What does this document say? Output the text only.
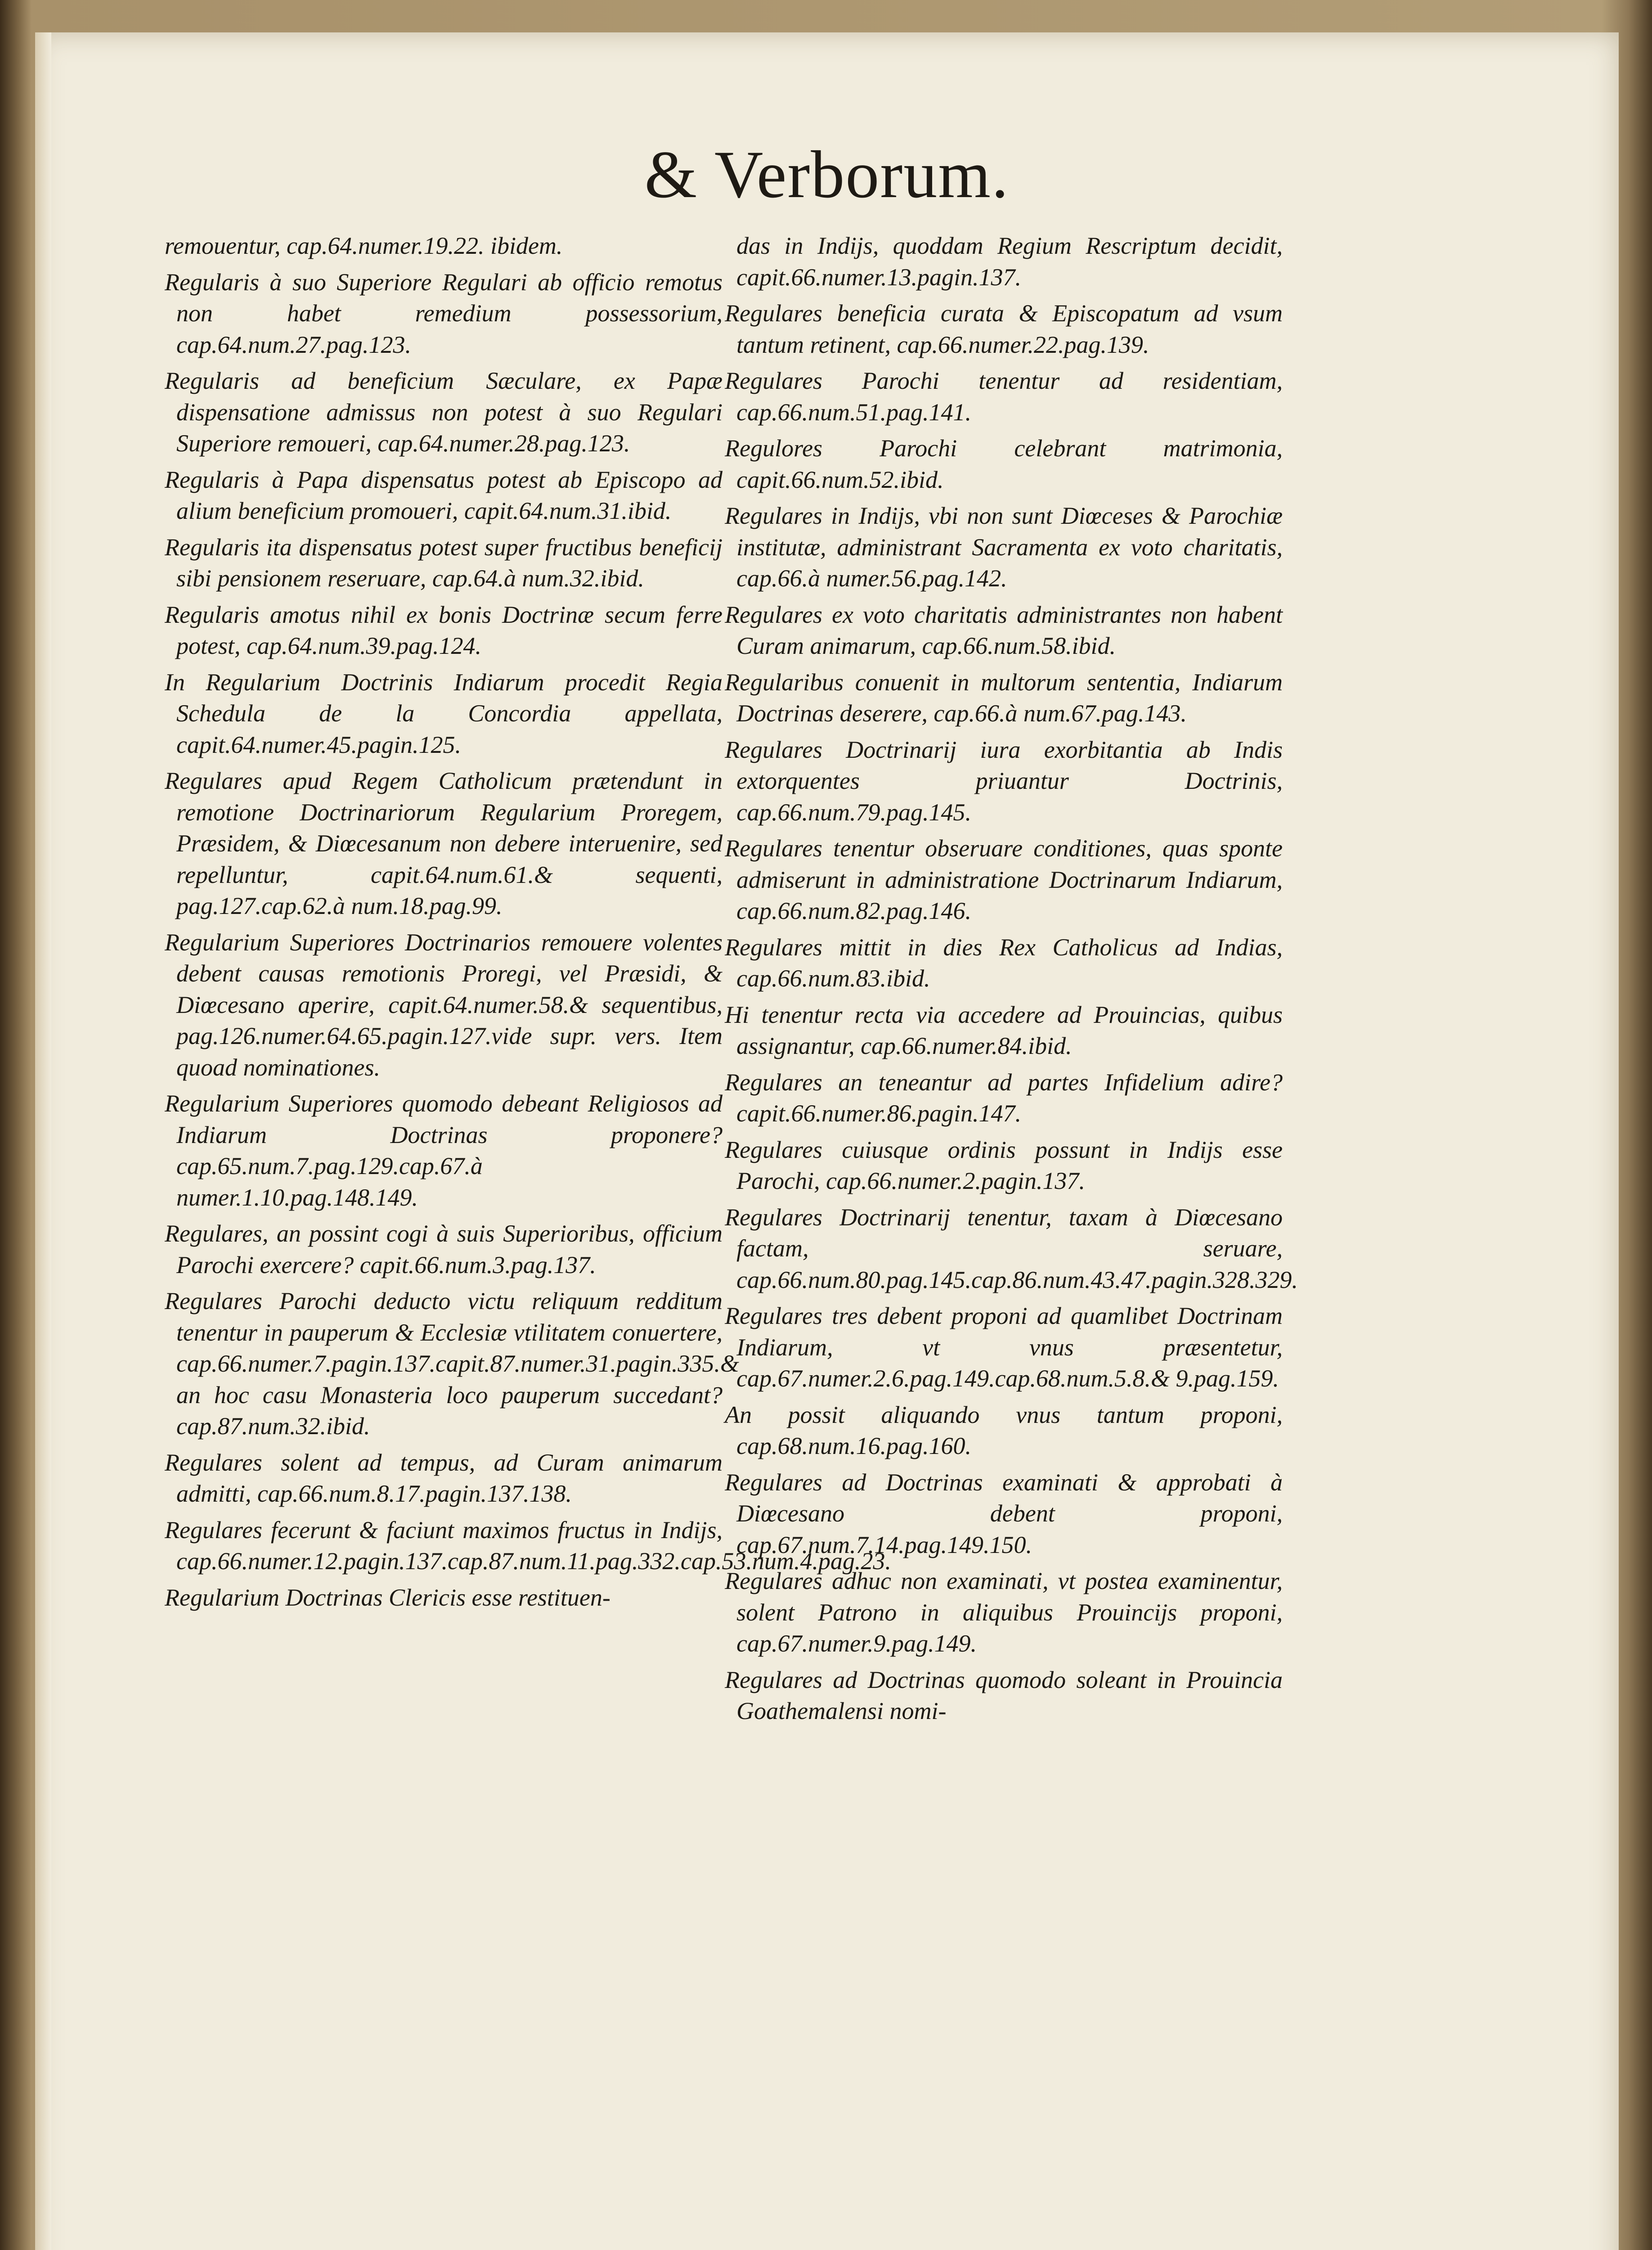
& Verborum.

remouentur, cap.64.numer.19.22. ibidem.

Regularis à suo Superiore Regulari ab officio remotus non habet remedium possessorium, cap.64.num.27.pag.123.

Regularis ad beneficium Sæculare, ex Papæ dispensatione admissus non potest à suo Regulari Superiore remoueri, cap.64.numer.28.pag.123.

Regularis à Papa dispensatus potest ab Episcopo ad alium beneficium promoueri, capit.64.num.31.ibid.

Regularis ita dispensatus potest super fructibus beneficij sibi pensionem reseruare, cap.64.à num.32.ibid.

Regularis amotus nihil ex bonis Doctrinæ secum ferre potest, cap.64.num.39.pag.124.

In Regularium Doctrinis Indiarum procedit Regia Schedula de la Concordia appellata, capit.64.numer.45.pagin.125.

Regulares apud Regem Catholicum prætendunt in remotione Doctrinariorum Regularium Proregem, Præsidem, & Diœcesanum non debere interuenire, sed repelluntur, capit.64.num.61.& sequenti, pag.127.cap.62.à num.18.pag.99.

Regularium Superiores Doctrinarios remouere volentes debent causas remotionis Proregi, vel Præsidi, & Diœcesano aperire, capit.64.numer.58.& sequentibus, pag.126.numer.64.65.pagin.127.vide supr. vers. Item quoad nominationes.

Regularium Superiores quomodo debeant Religiosos ad Indiarum Doctrinas proponere? cap.65.num.7.pag.129.cap.67.à numer.1.10.pag.148.149.

Regulares, an possint cogi à suis Superioribus, officium Parochi exercere? capit.66.num.3.pag.137.

Regulares Parochi deducto victu reliquum redditum tenentur in pauperum & Ecclesiæ vtilitatem conuertere, cap.66.numer.7.pagin.137.capit.87.numer.31.pagin.335.& an hoc casu Monasteria loco pauperum succedant? cap.87.num.32.ibid.

Regulares solent ad tempus, ad Curam animarum admitti, cap.66.num.8.17.pagin.137.138.

Regulares fecerunt & faciunt maximos fructus in Indijs, cap.66.numer.12.pagin.137.cap.87.num.11.pag.332.cap.53.num.4.pag.23.

Regularium Doctrinas Clericis esse restituen-

das in Indijs, quoddam Regium Rescriptum decidit, capit.66.numer.13.pagin.137.

Regulares beneficia curata & Episcopatum ad vsum tantum retinent, cap.66.numer.22.pag.139.

Regulares Parochi tenentur ad residentiam, cap.66.num.51.pag.141.

Regulores Parochi celebrant matrimonia, capit.66.num.52.ibid.

Regulares in Indijs, vbi non sunt Diœceses & Parochiæ institutæ, administrant Sacramenta ex voto charitatis, cap.66.à numer.56.pag.142.

Regulares ex voto charitatis administrantes non habent Curam animarum, cap.66.num.58.ibid.

Regularibus conuenit in multorum sententia, Indiarum Doctrinas deserere, cap.66.à num.67.pag.143.

Regulares Doctrinarij iura exorbitantia ab Indis extorquentes priuantur Doctrinis, cap.66.num.79.pag.145.

Regulares tenentur obseruare conditiones, quas sponte admiserunt in administratione Doctrinarum Indiarum, cap.66.num.82.pag.146.

Regulares mittit in dies Rex Catholicus ad Indias, cap.66.num.83.ibid.

Hi tenentur recta via accedere ad Prouincias, quibus assignantur, cap.66.numer.84.ibid.

Regulares an teneantur ad partes Infidelium adire? capit.66.numer.86.pagin.147.

Regulares cuiusque ordinis possunt in Indijs esse Parochi, cap.66.numer.2.pagin.137.

Regulares Doctrinarij tenentur, taxam à Diœcesano factam, seruare, cap.66.num.80.pag.145.cap.86.num.43.47.pagin.328.329.

Regulares tres debent proponi ad quamlibet Doctrinam Indiarum, vt vnus præsentetur, cap.67.numer.2.6.pag.149.cap.68.num.5.8.& 9.pag.159.

An possit aliquando vnus tantum proponi, cap.68.num.16.pag.160.

Regulares ad Doctrinas examinati & approbati à Diœcesano debent proponi, cap.67.num.7.14.pag.149.150.

Regulares adhuc non examinati, vt postea examinentur, solent Patrono in aliquibus Prouincijs proponi, cap.67.numer.9.pag.149.

Regulares ad Doctrinas quomodo soleant in Prouincia Goathemalensi nomi-
